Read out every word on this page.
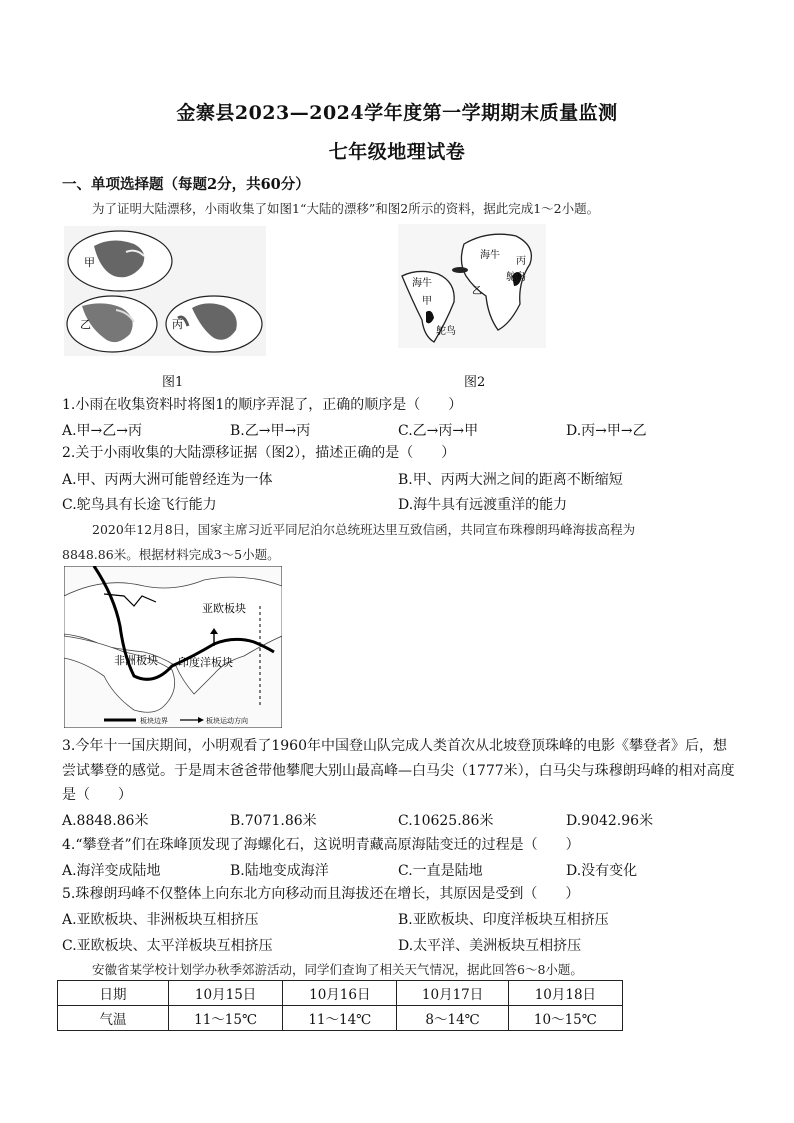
金寨县2023—2024学年度第一学期期末质量监测
七年级地理试卷
一、单项选择题（每题2分，共60分）
为了证明大陆漂移，小雨收集了如图1“大陆的漂移”和图2所示的资料，据此完成1～2小题。
甲
乙	丙
图1
海牛
丙
鸵鸟
海牛
甲
乙
鸵鸟
图2
1.小雨在收集资料时将图1的顺序弄混了，正确的顺序是（　　）
A.甲→乙→丙	B.乙→甲→丙	C.乙→丙→甲	D.丙→甲→乙
2.关于小雨收集的大陆漂移证据（图2），描述正确的是（　　）
A.甲、丙两大洲可能曾经连为一体	B.甲、丙两大洲之间的距离不断缩短
C.鸵鸟具有长途飞行能力	D.海牛具有远渡重洋的能力
2020年12月8日，国家主席习近平同尼泊尔总统班达里互致信函，共同宣布珠穆朗玛峰海拔高程为
8848.86米。根据材料完成3～5小题。
亚欧板块
非洲板块 印度洋板块
板块边界	板块运动方向
3.今年十一国庆期间，小明观看了1960年中国登山队完成人类首次从北坡登顶珠峰的电影《攀登者》后，想
尝试攀登的感觉。于是周末爸爸带他攀爬大别山最高峰—白马尖（1777米），白马尖与珠穆朗玛峰的相对高度
是（　　）
A.8848.86米	B.7071.86米	C.10625.86米	D.9042.96米
4.“攀登者”们在珠峰顶发现了海螺化石，这说明青藏高原海陆变迁的过程是（　　）
A.海洋变成陆地	B.陆地变成海洋	C.一直是陆地	D.没有变化
5.珠穆朗玛峰不仅整体上向东北方向移动而且海拔还在增长，其原因是受到（　　）
A.亚欧板块、非洲板块互相挤压	B.亚欧板块、印度洋板块互相挤压
C.亚欧板块、太平洋板块互相挤压	D.太平洋、美洲板块互相挤压
安徽省某学校计划学办秋季郊游活动，同学们查询了相关天气情况，据此回答6～8小题。
日期	10月15日	10月16日	10月17日	10月18日
气温	11～15℃	11～14℃	8～14℃	10～15℃
